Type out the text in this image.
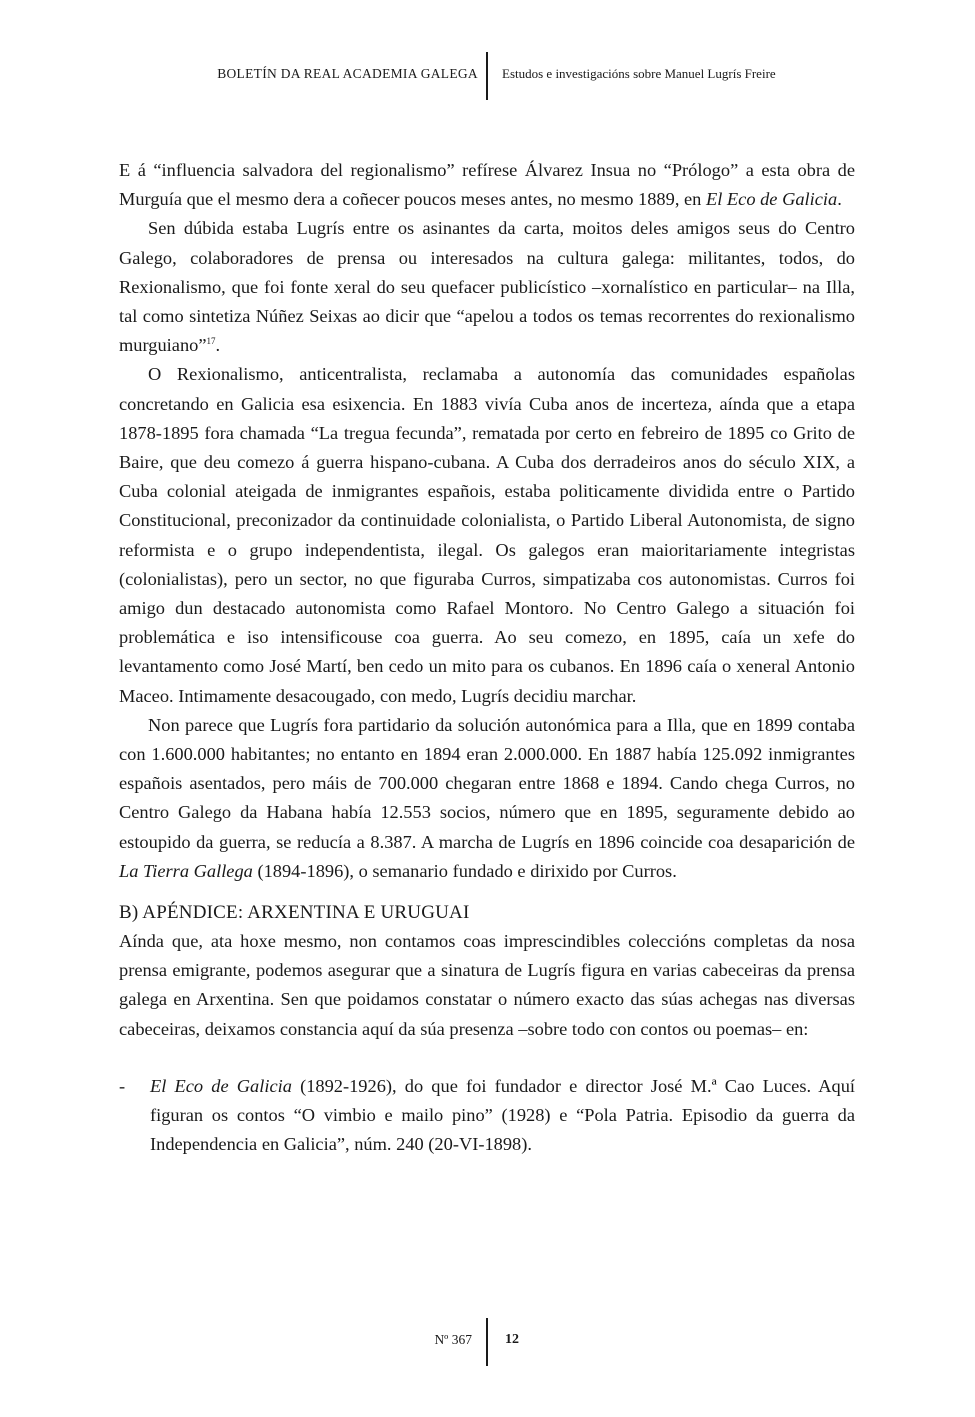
BOLETÍN DA REAL ACADEMIA GALEGA Estudos e investigacións sobre Manuel Lugrís Freire

E á “influencia salvadora del regionalismo” refírese Álvarez Insua no “Prólogo” a esta obra de Murguía que el mesmo dera a coñecer poucos meses antes, no mesmo 1889, en El Eco de Galicia.

Sen dúbida estaba Lugrís entre os asinantes da carta, moitos deles amigos seus do Centro Galego, colaboradores de prensa ou interesados na cultura galega: militantes, todos, do Rexionalismo, que foi fonte xeral do seu quefacer publicístico –xornalístico en particular– na Illa, tal como sintetiza Núñez Seixas ao dicir que “apelou a todos os temas recorrentes do rexionalismo murguiano”$^{17}$.

O Rexionalismo, anticentralista, reclamaba a autonomía das comunidades españolas concretando en Galicia esa esixencia. En 1883 vivía Cuba anos de incerteza, aínda que a etapa 1878-1895 fora chamada “La tregua fecunda”, rematada por certo en febreiro de 1895 co Grito de Baire, que deu comezo á guerra hispano-cubana. A Cuba dos derradeiros anos do século XIX, a Cuba colonial ateigada de inmigrantes españois, estaba politicamente dividida entre o Partido Constitucional, preconizador da continuidade colonialista, o Partido Liberal Autonomista, de signo reformista e o grupo independentista, ilegal. Os galegos eran maioritariamente integristas (colonialistas), pero un sector, no que figuraba Curros, simpatizaba cos autonomistas. Curros foi amigo dun destacado autonomista como Rafael Montoro. No Centro Galego a situación foi problemática e iso intensificouse coa guerra. Ao seu comezo, en 1895, caía un xefe do levantamento como José Martí, ben cedo un mito para os cubanos. En 1896 caía o xeneral Antonio Maceo. Intimamente desacougado, con medo, Lugrís decidiu marchar.

Non parece que Lugrís fora partidario da solución autonómica para a Illa, que en 1899 contaba con 1.600.000 habitantes; no entanto en 1894 eran 2.000.000. En 1887 había 125.092 inmigrantes españois asentados, pero máis de 700.000 chegaran entre 1868 e 1894. Cando chega Curros, no Centro Galego da Habana había 12.553 socios, número que en 1895, seguramente debido ao estoupido da guerra, se reducía a 8.387. A marcha de Lugrís en 1896 coincide coa desaparición de La Tierra Gallega (1894-1896), o semanario fundado e dirixido por Curros.

B) APÉNDICE: ARXENTINA E URUGUAI

Aínda que, ata hoxe mesmo, non contamos coas imprescindibles coleccións completas da nosa prensa emigrante, podemos asegurar que a sinatura de Lugrís figura en varias cabeceiras da prensa galega en Arxentina. Sen que poidamos constatar o número exacto das súas achegas nas diversas cabeceiras, deixamos constancia aquí da súa presenza –sobre todo con contos ou poemas– en:

- El Eco de Galicia (1892-1926), do que foi fundador e director José M.ª Cao Luces. Aquí figuran os contos “O vimbio e mailo pino” (1928) e “Pola Patria. Episodio da guerra da Independencia en Galicia”, núm. 240 (20-VI-1898).
Nº 367 12
